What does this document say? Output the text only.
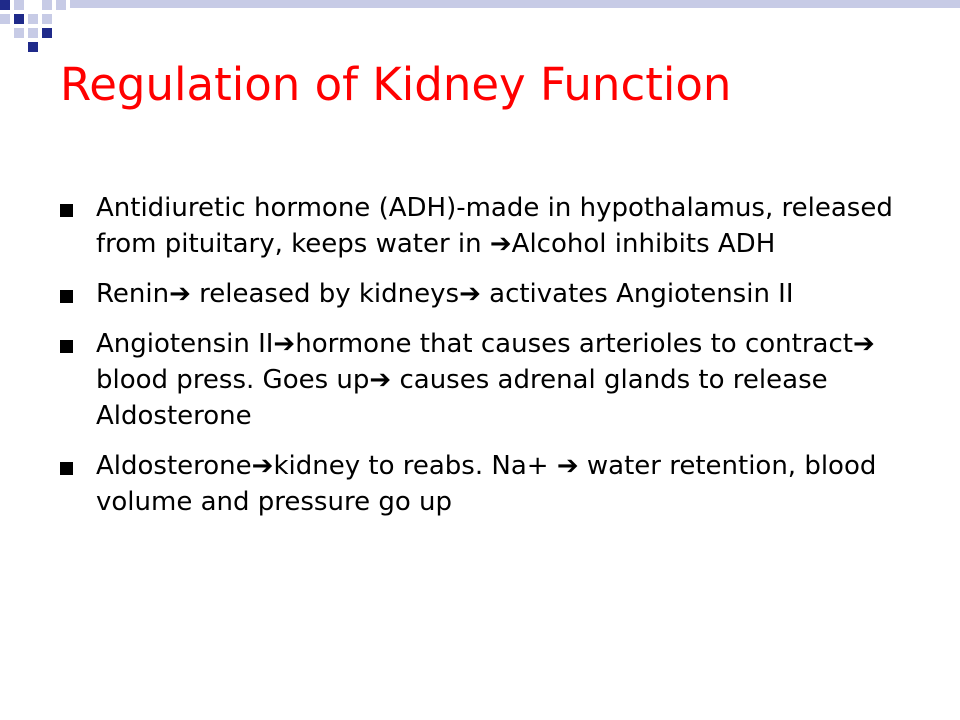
Regulation of Kidney Function
Antidiuretic hormone (ADH)-made in hypothalamus, released from pituitary, keeps water in ➔Alcohol inhibits ADH
Renin➔ released by kidneys➔ activates Angiotensin II
Angiotensin II➔hormone that causes arterioles to contract➔ blood press. Goes up➔ causes adrenal glands to release Aldosterone
Aldosterone➔kidney to reabs. Na+ ➔ water retention, blood volume and pressure go up
